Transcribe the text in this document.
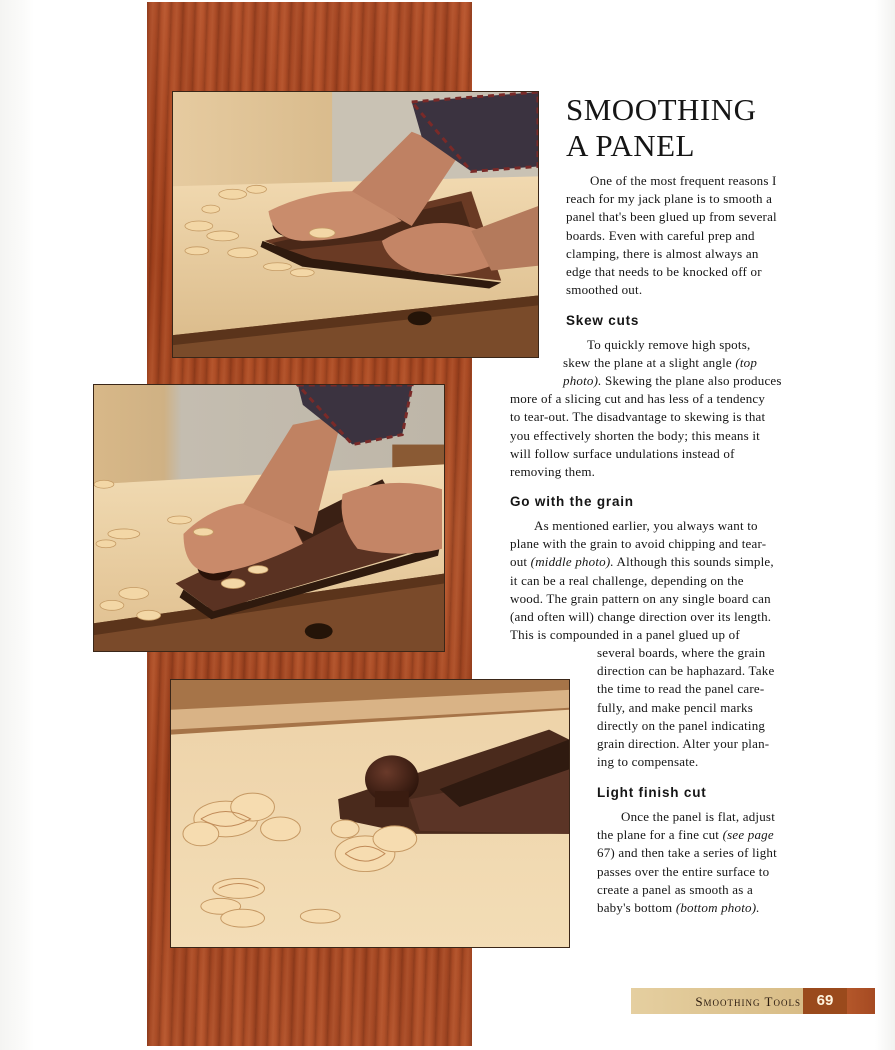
SMOOTHING
A PANEL

One of the most frequent reasons I
reach for my jack plane is to smooth a
panel that's been glued up from several
boards. Even with careful prep and
clamping, there is almost always an
edge that needs to be knocked off or
smoothed out.

Skew cuts

To quickly remove high spots,
skew the plane at a slight angle (top

photo). Skewing the plane also produces
more of a slicing cut and has less of a tendency
to tear-out. The disadvantage to skewing is that
you effectively shorten the body; this means it
will follow surface undulations instead of
removing them.

Go with the grain

As mentioned earlier, you always want to
plane with the grain to avoid chipping and tear-
out (middle photo). Although this sounds simple,
it can be a real challenge, depending on the
wood. The grain pattern on any single board can
(and often will) change direction over its length.
This is compounded in a panel glued up of

several boards, where the grain
direction can be haphazard. Take
the time to read the panel care-
fully, and make pencil marks
directly on the panel indicating
grain direction. Alter your plan-
ing to compensate.

Light finish cut

Once the panel is flat, adjust
the plane for a fine cut (see page
67) and then take a series of light
passes over the entire surface to
create a panel as smooth as a
baby's bottom (bottom photo).

Smoothing Tools	69
